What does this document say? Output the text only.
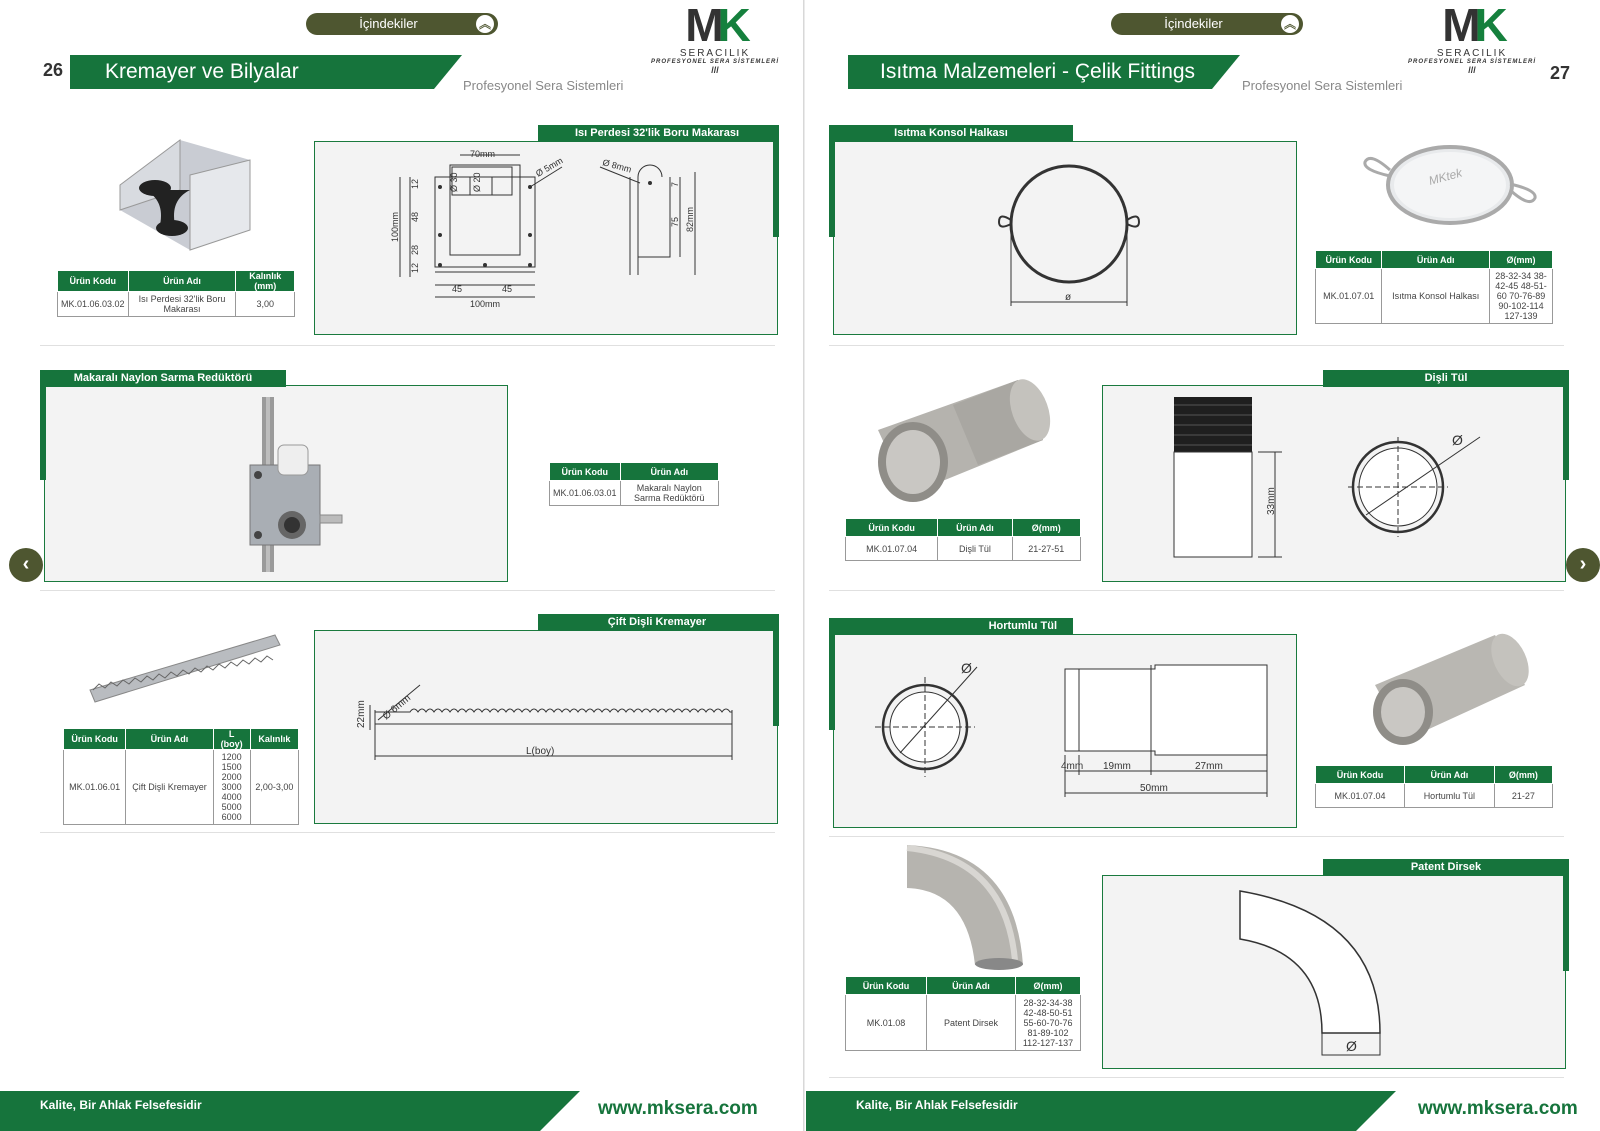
İçindekiler	︽
26 Kremayer ve Bilyalar
Profesyonel Sera Sistemleri
MK
SERACILIK
PROFESYONEL SERA SİSTEMLERİ
///
Ürün Kodu	Ürün Adı	Kalınlık (mm)
MK.01.06.03.02	Isı Perdesi 32'lik Boru Makarası	3,00
Isı Perdesi 32'lik Boru Makarası
70mm
Ø 30 Ø 20
Ø 5mm
100mm
12
48
28
12
45	45
100mm
Ø 8mm
75 82mm
7
Makaralı Naylon Sarma Redüktörü
Ürün Kodu	Ürün Adı
MK.01.06.03.01	Makaralı Naylon Sarma Redüktörü
Ürün Kodu	Ürün Adı	L (boy)	Kalınlık
MK.01.06.01	Çift Dişli Kremayer	1200 1500 2000 3000 4000 5000 6000	2,00-3,00
Çift Dişli Kremayer
22mm Ø 6mm
L(boy)
Kalite, Bir Ahlak Felsefesidir	www.mksera.com
İçindekiler	︽
Isıtma Malzemeleri - Çelik Fittings
Profesyonel Sera Sistemleri
MK
SERACILIK
PROFESYONEL SERA SİSTEMLERİ
///	27
Isıtma Konsol Halkası
ø
MKtek
Ürün Kodu	Ürün Adı	Ø(mm)
MK.01.07.01	Isıtma Konsol Halkası	28-32-34 38-42-45 48-51-60 70-76-89 90-102-114 127-139
Ürün Kodu	Ürün Adı	Ø(mm)
MK.01.07.04	Dişli Tül	21-27-51
Dişli Tül
33mm
Ø
Hortumlu Tül
Ø
4mm 19mm	27mm
50mm
Ürün Kodu	Ürün Adı	Ø(mm)
MK.01.07.04	Hortumlu Tül	21-27
Ürün Kodu	Ürün Adı	Ø(mm)
MK.01.08	Patent Dirsek	28-32-34-38 42-48-50-51 55-60-70-76 81-89-102 112-127-137
Patent Dirsek
Ø
Kalite, Bir Ahlak Felsefesidir	www.mksera.com
‹	›
